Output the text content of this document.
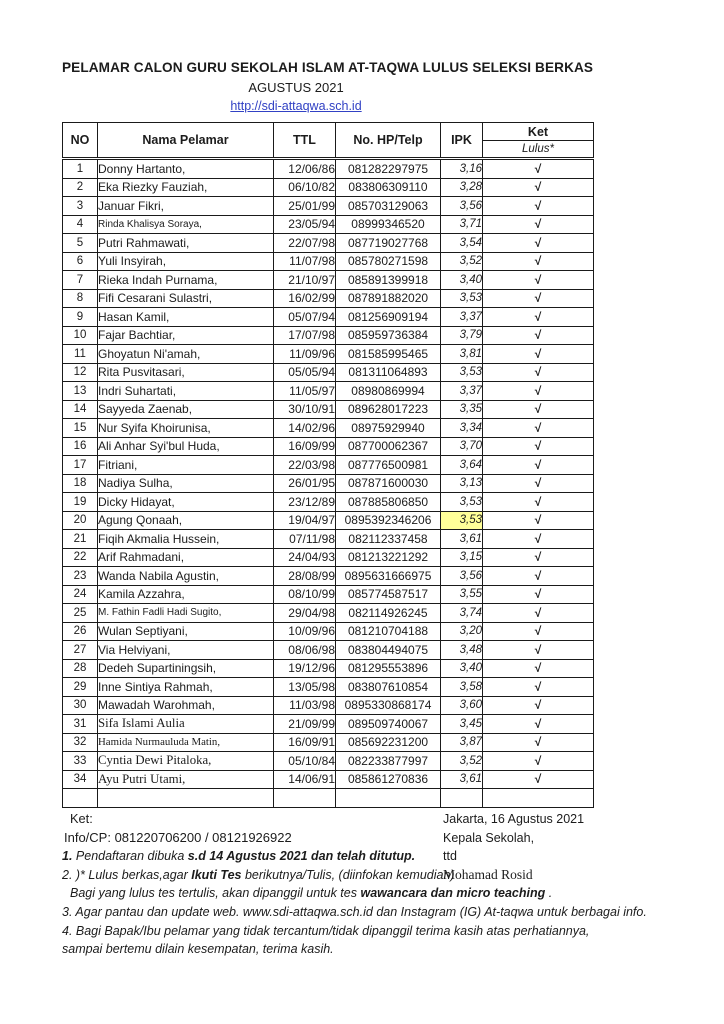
PELAMAR CALON GURU SEKOLAH ISLAM AT-TAQWA LULUS SELEKSI BERKAS
AGUSTUS 2021
http://sdi-attaqwa.sch.id
NO	Nama Pelamar	TTL	No. HP/Telp	IPK	Ket
					Lulus*
1	Donny Hartanto,	12/06/86	081282297975	3,16	√
2	Eka Riezky Fauziah,	06/10/82	083806309110	3,28	√
3	Januar Fikri,	25/01/99	085703129063	3,56	√
4	Rinda Khalisya Soraya,	23/05/94	08999346520	3,71	√
5	Putri Rahmawati,	22/07/98	087719027768	3,54	√
6	Yuli Insyirah,	11/07/98	085780271598	3,52	√
7	Rieka Indah Purnama,	21/10/97	085891399918	3,40	√
8	Fifi Cesarani Sulastri,	16/02/99	087891882020	3,53	√
9	Hasan Kamil,	05/07/94	081256909194	3,37	√
10	Fajar Bachtiar,	17/07/98	085959736384	3,79	√
11	Ghoyatun Ni'amah,	11/09/96	081585995465	3,81	√
12	Rita Pusvitasari,	05/05/94	081311064893	3,53	√
13	Indri Suhartati,	11/05/97	08980869994	3,37	√
14	Sayyeda Zaenab,	30/10/91	089628017223	3,35	√
15	Nur Syifa Khoirunisa,	14/02/96	08975929940	3,34	√
16	Ali Anhar Syi'bul Huda,	16/09/99	087700062367	3,70	√
17	Fitriani,	22/03/98	087776500981	3,64	√
18	Nadiya Sulha,	26/01/95	087871600030	3,13	√
19	Dicky Hidayat,	23/12/89	087885806850	3,53	√
20	Agung Qonaah,	19/04/97	0895392346206	3,53	√
21	Fiqih Akmalia Hussein,	07/11/98	082112337458	3,61	√
22	Arif Rahmadani,	24/04/93	081213221292	3,15	√
23	Wanda Nabila Agustin,	28/08/99	0895631666975	3,56	√
24	Kamila Azzahra,	08/10/99	085774587517	3,55	√
25	M. Fathin Fadli Hadi Sugito,	29/04/98	082114926245	3,74	√
26	Wulan Septiyani,	10/09/96	081210704188	3,20	√
27	Via Helviyani,	08/06/98	083804494075	3,48	√
28	Dedeh Supartiningsih,	19/12/96	081295553896	3,40	√
29	Inne Sintiya Rahmah,	13/05/98	083807610854	3,58	√
30	Mawadah Warohmah,	11/03/98	0895330868174	3,60	√
31	Sifa Islami Aulia	21/09/99	089509740067	3,45	√
32	Hamida Nurmauluda Matin,	16/09/91	085692231200	3,87	√
33	Cyntia Dewi Pitaloka,	05/10/84	082233877997	3,52	√
34	Ayu Putri Utami,	14/06/91	085861270836	3,61	√

Ket:
Info/CP: 081220706200 / 08121926922
1. Pendaftaran dibuka s.d 14 Agustus 2021 dan telah ditutup.
2. )* Lulus berkas,agar Ikuti Tes berikutnya/Tulis, (diinfokan kemudian)
Bagi yang lulus tes tertulis, akan dipanggil untuk tes wawancara dan micro teaching .
3. Agar pantau dan update web. www.sdi-attaqwa.sch.id dan Instagram (IG) At-taqwa untuk berbagai info.
4. Bagi Bapak/Ibu pelamar yang tidak tercantum/tidak dipanggil terima kasih atas perhatiannya,
sampai bertemu dilain kesempatan, terima kasih.
Jakarta, 16 Agustus 2021
Kepala Sekolah,
ttd
Mohamad Rosid
